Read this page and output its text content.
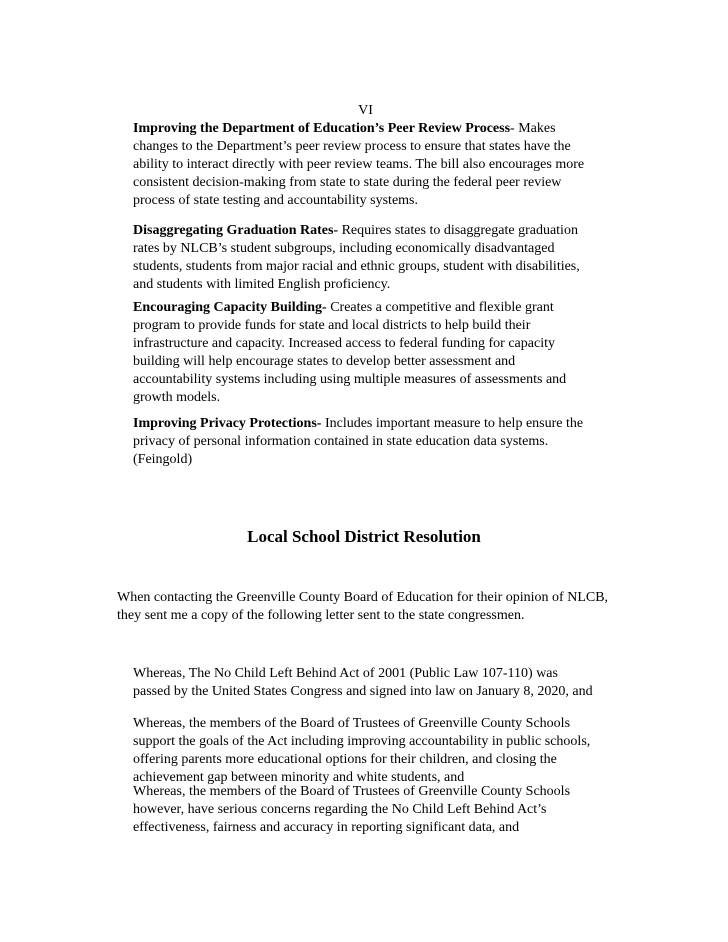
VI

Improving the Department of Education’s Peer Review Process- Makes
changes to the Department’s peer review process to ensure that states have the
ability to interact directly with peer review teams. The bill also encourages more
consistent decision-making from state to state during the federal peer review
process of state testing and accountability systems.

Disaggregating Graduation Rates- Requires states to disaggregate graduation
rates by NLCB’s student subgroups, including economically disadvantaged
students, students from major racial and ethnic groups, student with disabilities,
and students with limited English proficiency.

Encouraging Capacity Building- Creates a competitive and flexible grant
program to provide funds for state and local districts to help build their
infrastructure and capacity. Increased access to federal funding for capacity
building will help encourage states to develop better assessment and
accountability systems including using multiple measures of assessments and
growth models.

Improving Privacy Protections- Includes important measure to help ensure the
privacy of personal information contained in state education data systems.
(Feingold)

Local School District Resolution

When contacting the Greenville County Board of Education for their opinion of NLCB,
they sent me a copy of the following letter sent to the state congressmen.

Whereas, The No Child Left Behind Act of 2001 (Public Law 107-110) was
passed by the United States Congress and signed into law on January 8, 2020, and

Whereas, the members of the Board of Trustees of Greenville County Schools
support the goals of the Act including improving accountability in public schools,
offering parents more educational options for their children, and closing the
achievement gap between minority and white students, and

Whereas, the members of the Board of Trustees of Greenville County Schools
however, have serious concerns regarding the No Child Left Behind Act’s
effectiveness, fairness and accuracy in reporting significant data, and
